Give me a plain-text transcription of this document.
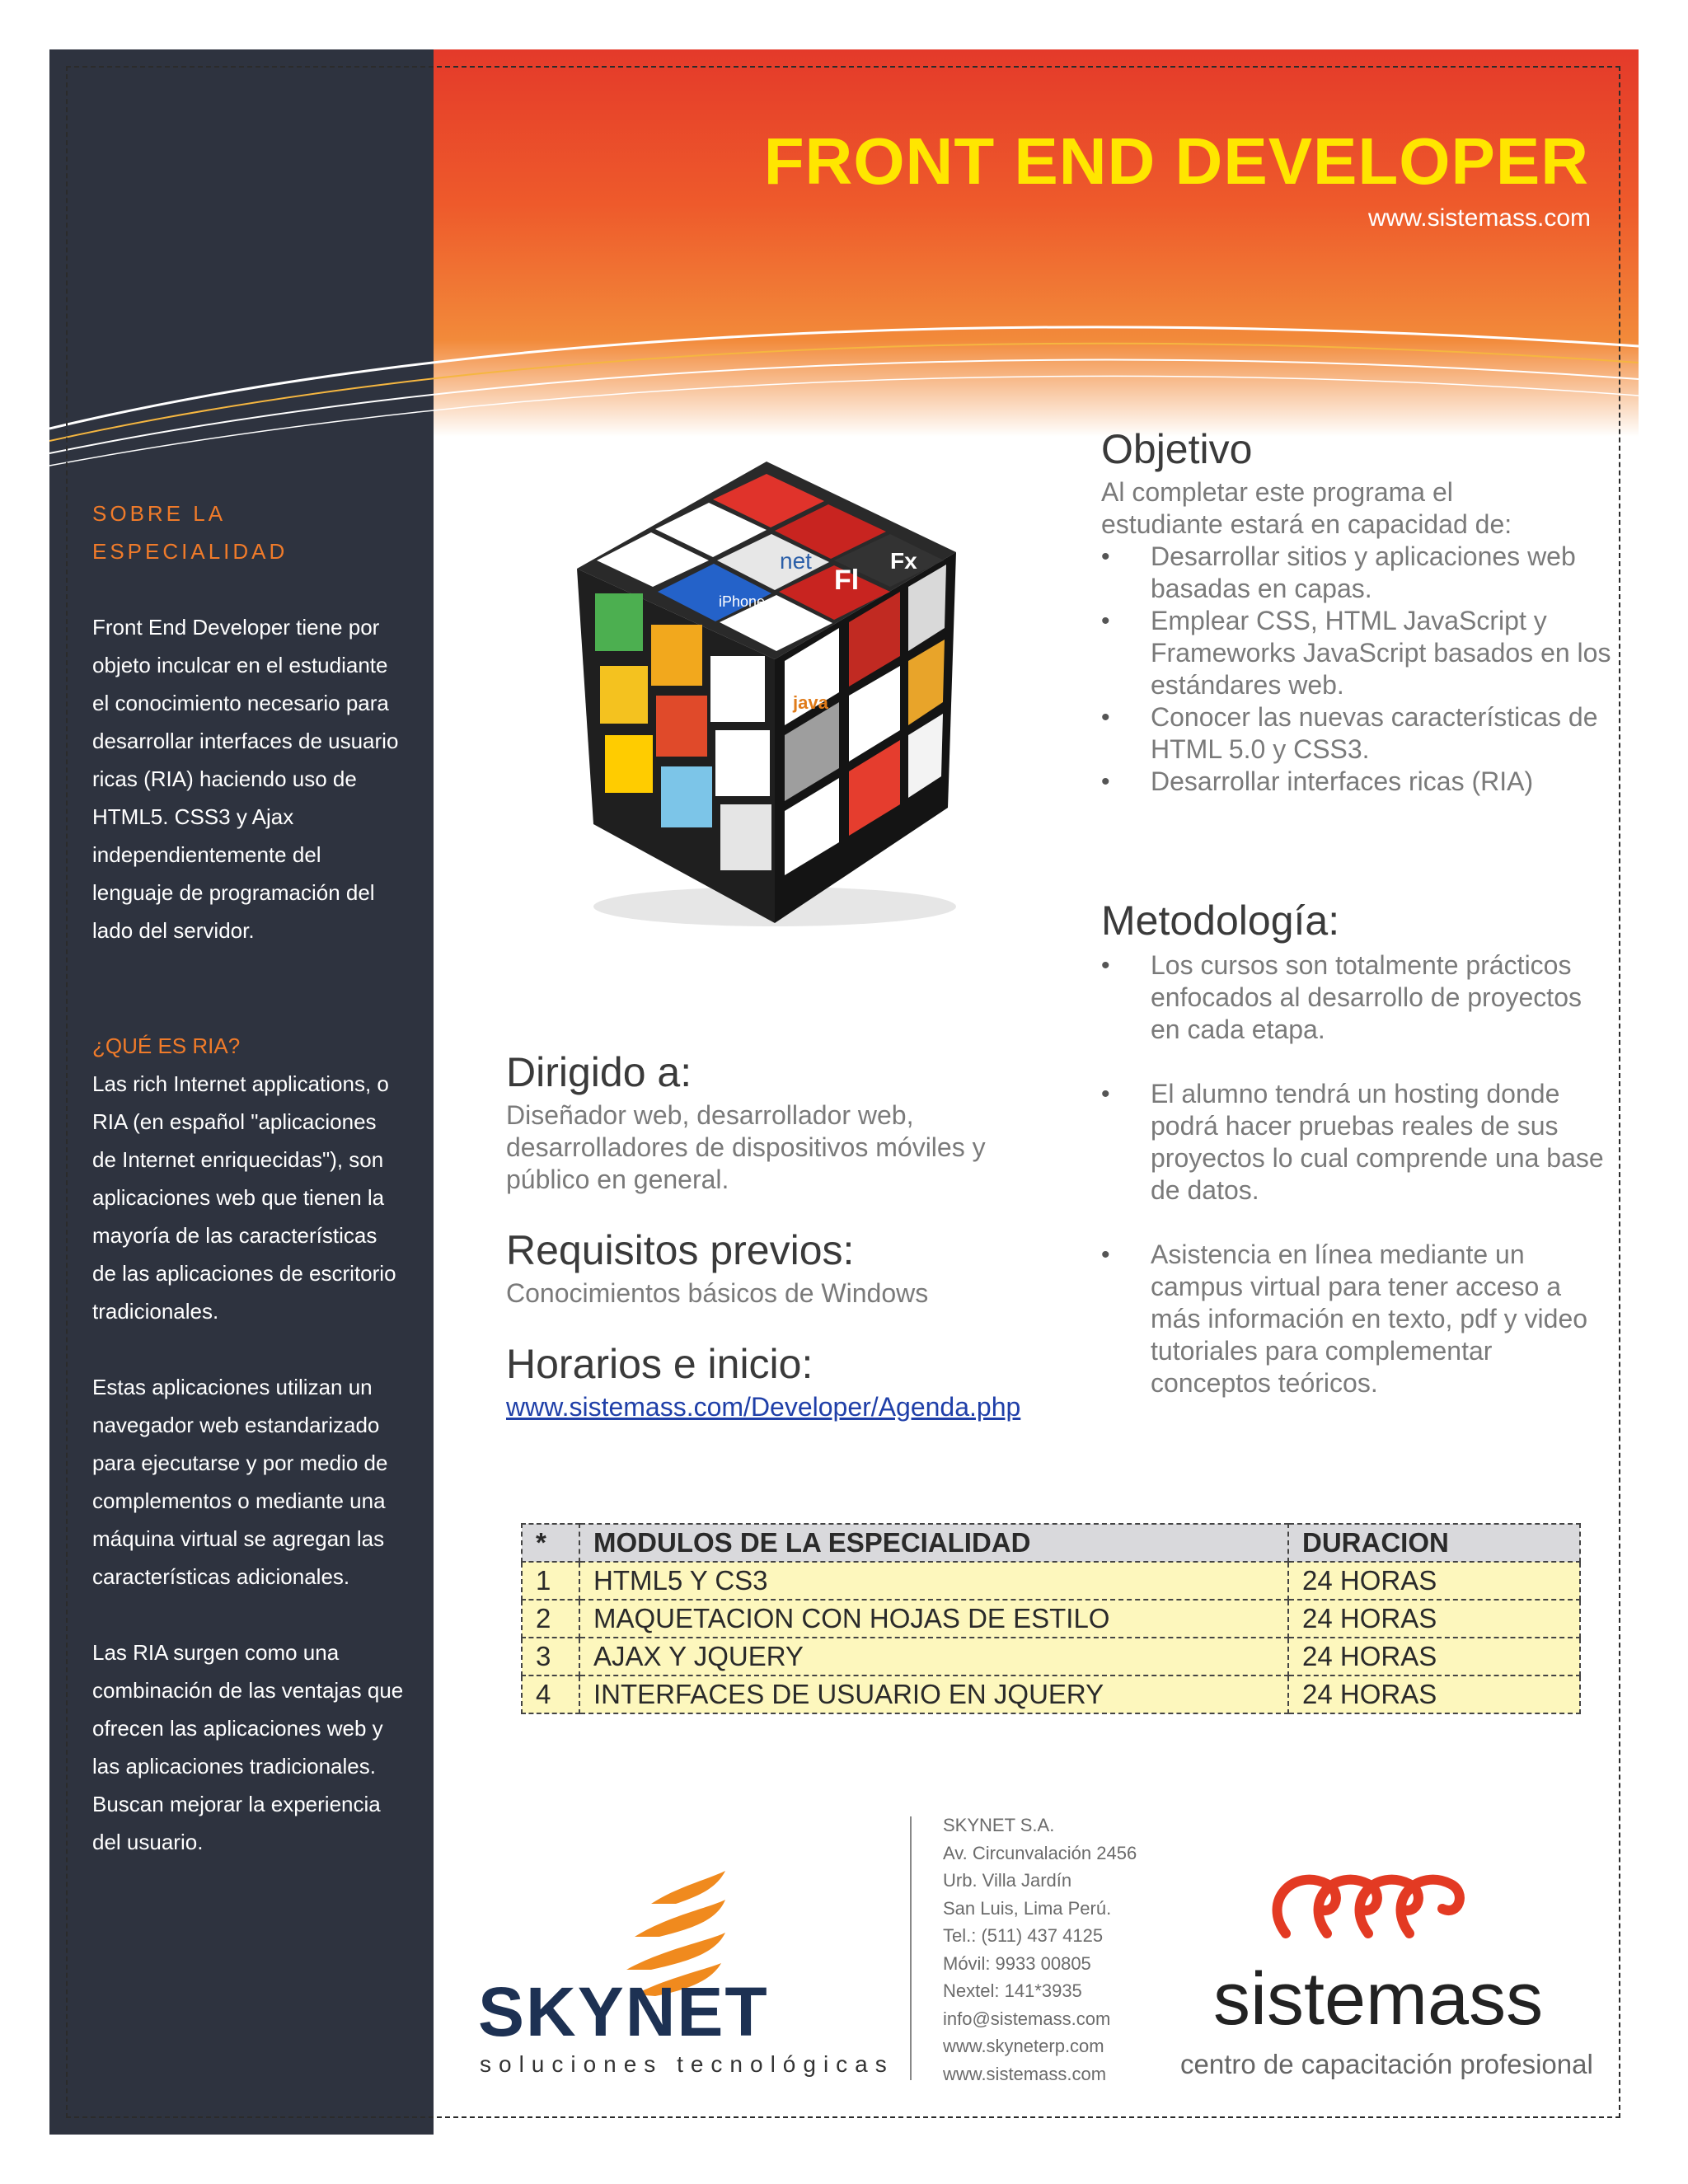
FRONT END DEVELOPER
www.sistemass.com
SOBRE LA
ESPECIALIDAD
Front End Developer tiene por objeto inculcar en el estudiante el conocimiento necesario para desarrollar interfaces de usuario ricas (RIA) haciendo uso de HTML5. CSS3 y Ajax independientemente del lenguaje de programación del lado del servidor.
¿QUÉ ES RIA?
Las rich Internet applications, o RIA (en español "aplicaciones de Internet enriquecidas"), son aplicaciones web que tienen la mayoría de las características de las aplicaciones de escritorio tradicionales.
Estas aplicaciones utilizan un navegador web estandarizado para ejecutarse y por medio de complementos o mediante una máquina virtual se agregan las características adicionales.
Las RIA surgen como una combinación de las ventajas que ofrecen las aplicaciones web y las aplicaciones tradicionales. Buscan mejorar la experiencia del usuario.
Fl
Fx
net
iPhone
java
Objetivo
Al completar este programa el estudiante estará en capacidad de:
• Desarrollar sitios y aplicaciones web basadas en capas.
• Emplear CSS, HTML JavaScript y Frameworks JavaScript basados en los estándares web.
• Conocer las nuevas características de HTML 5.0 y CSS3.
• Desarrollar interfaces ricas (RIA)
Metodología:
• Los cursos son totalmente prácticos enfocados al desarrollo de proyectos en cada etapa.
• El alumno tendrá un hosting donde podrá hacer pruebas reales de sus proyectos lo cual comprende una base de datos.
• Asistencia en línea mediante un campus virtual para tener acceso a más información en texto, pdf y video tutoriales para complementar conceptos teóricos.
Dirigido a:
Diseñador web, desarrollador web, desarrolladores de dispositivos móviles y público en general.
Requisitos previos:
Conocimientos básicos de Windows
Horarios e inicio:
www.sistemass.com/Developer/Agenda.php
*	MODULOS DE LA ESPECIALIDAD	DURACION
1	HTML5 Y CS3	24 HORAS
2	MAQUETACION CON HOJAS DE ESTILO	24 HORAS
3	AJAX Y JQUERY	24 HORAS
4	INTERFACES DE USUARIO EN JQUERY	24 HORAS
SKYNET
soluciones tecnológicas
SKYNET S.A.
Av. Circunvalación 2456
Urb. Villa Jardín
San Luis, Lima Perú.
Tel.: (511) 437 4125
Móvil: 9933 00805
Nextel: 141*3935
info@sistemass.com
www.skyneterp.com
www.sistemass.com
sistemass
centro de capacitación profesional
